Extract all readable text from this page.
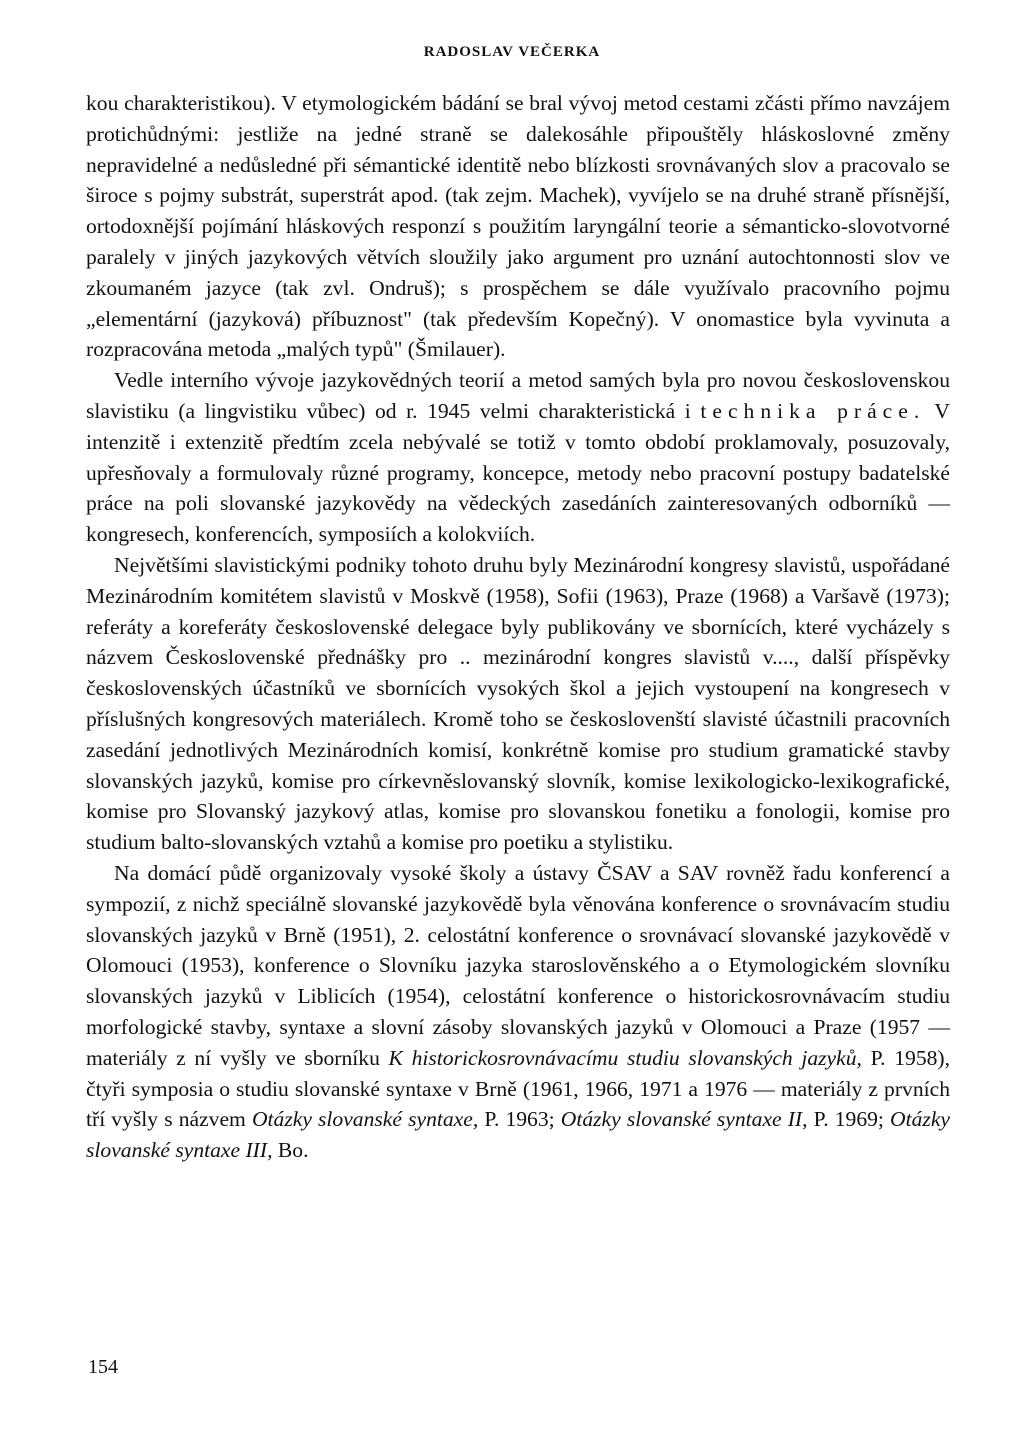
RADOSLAV VEČERKA

kou charakteristikou). V etymologickém bádání se bral vývoj metod cestami zčásti přímo navzájem protichůdnými: jestliže na jedné straně se dalekosáhle připouštěly hláskoslovné změny nepravidelné a nedůsledné při sémantické identitě nebo blízkosti srovnávaných slov a pracovalo se široce s pojmy substrát, superstrát apod. (tak zejm. Machek), vyvíjelo se na druhé straně přísnější, ortodoxnější pojímání hláskových responzí s použitím laryngální teorie a sémanticko-slovotvorné paralely v jiných jazykových větvích sloužily jako argument pro uznání autochtonnosti slov ve zkoumaném jazyce (tak zvl. Ondruš); s prospěchem se dále využívalo pracovního pojmu „elementární (jazyková) příbuznost" (tak především Kopečný). V onomastice byla vyvinuta a rozpracována metoda „malých typů" (Šmilauer).

Vedle interního vývoje jazykovědných teorií a metod samých byla pro novou československou slavistiku (a lingvistiku vůbec) od r. 1945 velmi charakteristická i technika práce. V intenzitě i extenzitě předtím zcela nebývalé se totiž v tomto období proklamovaly, posuzovaly, upřesňovaly a formulovaly různé programy, koncepce, metody nebo pracovní postupy badatelské práce na poli slovanské jazykovědy na vědeckých zasedáních zainteresovaných odborníků — kongresech, konferencích, symposiích a kolokviích.

Největšími slavistickými podniky tohoto druhu byly Mezinárodní kongresy slavistů, uspořádané Mezinárodním komitétem slavistů v Moskvě (1958), Sofii (1963), Praze (1968) a Varšavě (1973); referáty a koreferáty československé delegace byly publikovány ve sbornících, které vycházely s názvem Československé přednášky pro .. mezinárodní kongres slavistů v...., další příspěvky československých účastníků ve sbornících vysokých škol a jejich vystoupení na kongresech v příslušných kongresových materiálech. Kromě toho se českoslovenští slavisté účastnili pracovních zasedání jednotlivých Mezinárodních komisí, konkrétně komise pro studium gramatické stavby slovanských jazyků, komise pro církevněslovanský slovník, komise lexikologicko-lexikografické, komise pro Slovanský jazykový atlas, komise pro slovanskou fonetiku a fonologii, komise pro studium balto-slovanských vztahů a komise pro poetiku a stylistiku.

Na domácí půdě organizovaly vysoké školy a ústavy ČSAV a SAV rovněž řadu konferencí a sympozií, z nichž speciálně slovanské jazykovědě byla věnována konference o srovnávacím studiu slovanských jazyků v Brně (1951), 2. celostátní konference o srovnávací slovanské jazykovědě v Olomouci (1953), konference o Slovníku jazyka staroslověnského a o Etymologickém slovníku slovanských jazyků v Liblicích (1954), celostátní konference o historickosrovnávacím studiu morfologické stavby, syntaxe a slovní zásoby slovanských jazyků v Olomouci a Praze (1957 — materiály z ní vyšly ve sborníku K historickosrovnávacímu studiu slovanských jazyků, P. 1958), čtyři symposia o studiu slovanské syntaxe v Brně (1961, 1966, 1971 a 1976 — materiály z prvních tří vyšly s názvem Otázky slovanské syntaxe, P. 1963; Otázky slovanské syntaxe II, P. 1969; Otázky slovanské syntaxe III, Bo.

154
